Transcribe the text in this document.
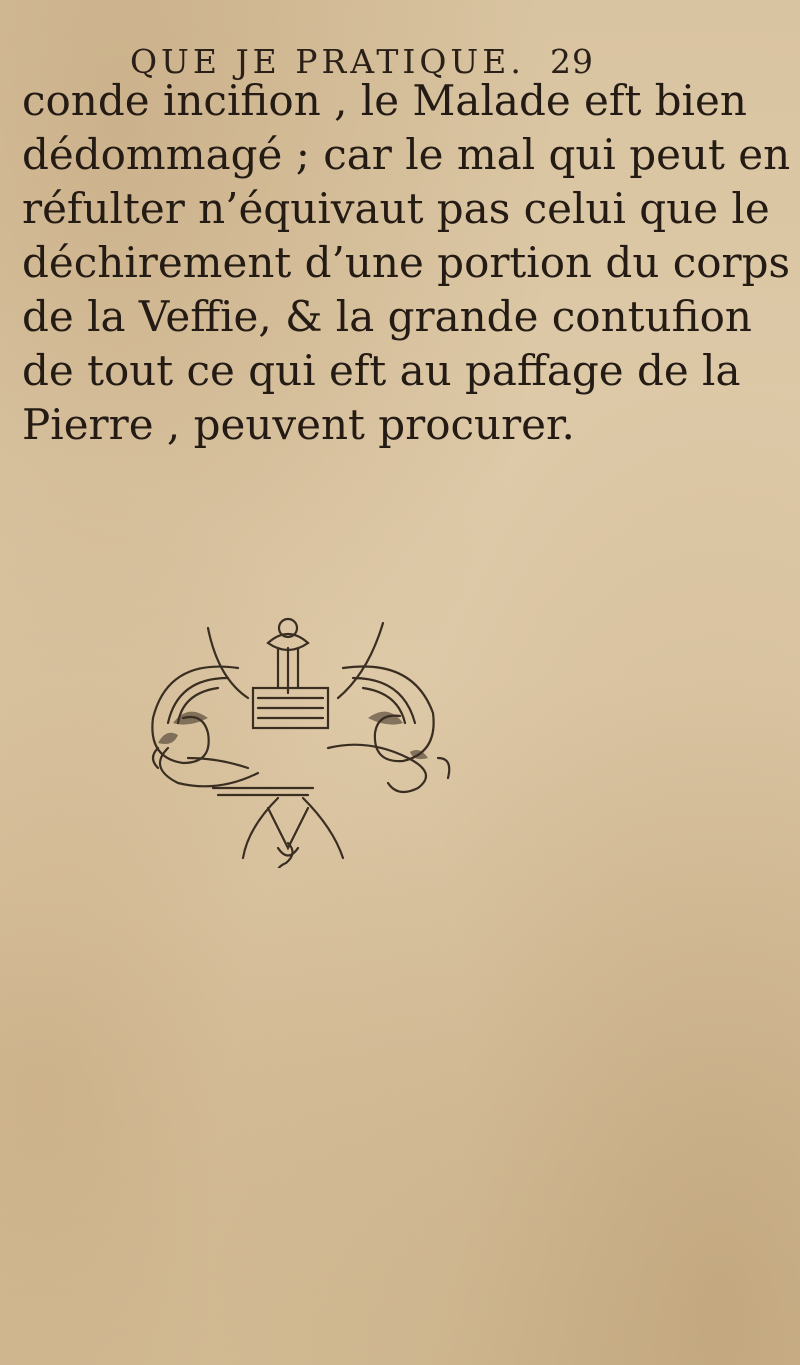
QUE JE PRATIQUE. 29
conde incifion , le Malade eft bien
dédommagé ; car le mal qui peut en
réfulter n’équivaut pas celui que le
déchirement d’une portion du corps
de la Veffie, & la grande contufion
de tout ce qui eft au paffage de la
Pierre , peuvent procurer.
